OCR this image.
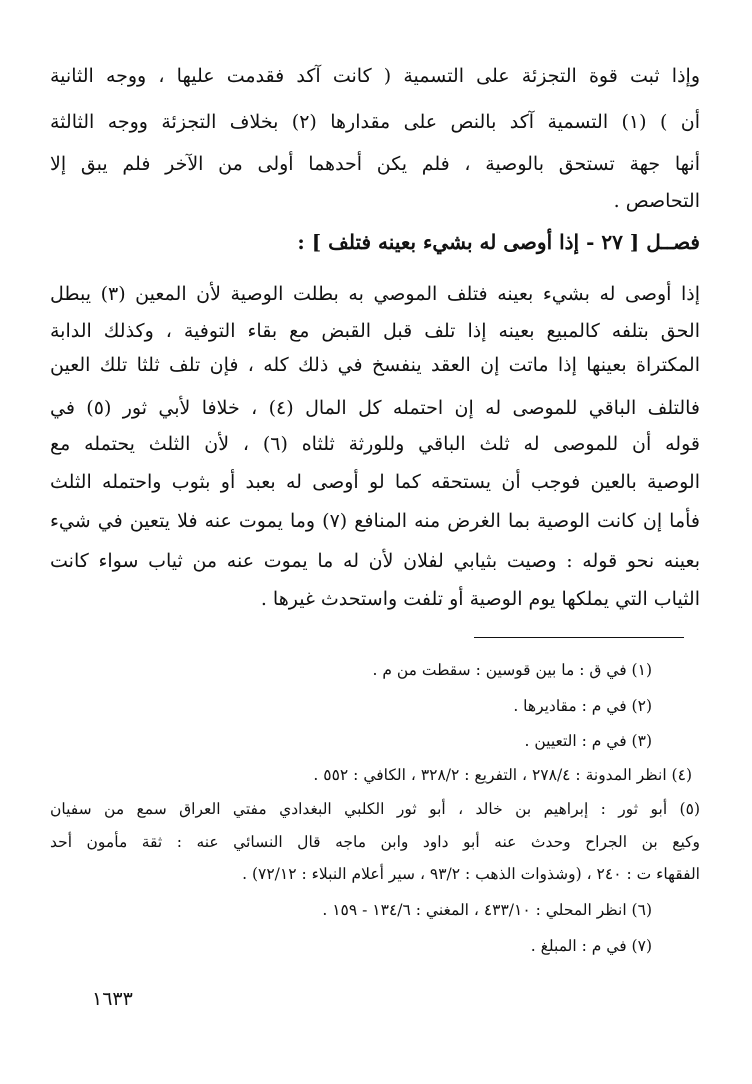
وإذا ثبت قوة التجزئة على التسمية ( كانت آكد فقدمت عليها ، ووجه الثانية
أن ) (١) التسمية آكد بالنص على مقدارها (٢) بخلاف التجزئة ووجه الثالثة
أنها جهة تستحق بالوصية ، فلم يكن أحدهما أولى من الآخر فلم يبق إلا
التحاصص .
فصــل [ ٢٧ - إذا أوصى له بشيء بعينه فتلف ] :
إذا أوصى له بشيء بعينه فتلف الموصي به بطلت الوصية لأن المعين (٣) يبطل
الحق بتلفه كالمبيع بعينه إذا تلف قبل القبض مع بقاء التوفية ، وكذلك الدابة
المكتراة بعينها إذا ماتت إن العقد ينفسخ في ذلك كله ، فإن تلف ثلثا تلك العين
فالتلف الباقي للموصى له إن احتمله كل المال (٤) ، خلافا لأبي ثور (٥) في
قوله أن للموصى له ثلث الباقي وللورثة ثلثاه (٦) ، لأن الثلث يحتمله مع
الوصية بالعين فوجب أن يستحقه كما لو أوصى له بعبد أو بثوب واحتمله الثلث
فأما إن كانت الوصية بما الغرض منه المنافع (٧) وما يموت عنه فلا يتعين في شيء
بعينه نحو قوله : وصيت بثيابي لفلان لأن له ما يموت عنه من ثياب سواء كانت
الثياب التي يملكها يوم الوصية أو تلفت واستحدث غيرها .
(١) في ق : ما بين قوسين : سقطت من م .
(٢) في م : مقاديرها .
(٣) في م : التعيين .
(٤) انظر المدونة : ٢٧٨/٤ ، التفريع : ٣٢٨/٢ ، الكافي : ٥٥٢ .
(٥) أبو ثور : إبراهيم بن خالد ، أبو ثور الكلبي البغدادي مفتي العراق سمع من سفيان
وكيع بن الجراح وحدث عنه أبو داود وابن ماجه قال النسائي عنه : ثقة مأمون أحد
الفقهاء ت : ٢٤٠ ، (وشذوات الذهب : ٩٣/٢ ، سير أعلام النبلاء : ٧٢/١٢) .
(٦) انظر المحلي : ٤٣٣/١٠ ، المغني : ١٣٤/٦ - ١٥٩ .
(٧) في م : المبلغ .
١٦٣٣
